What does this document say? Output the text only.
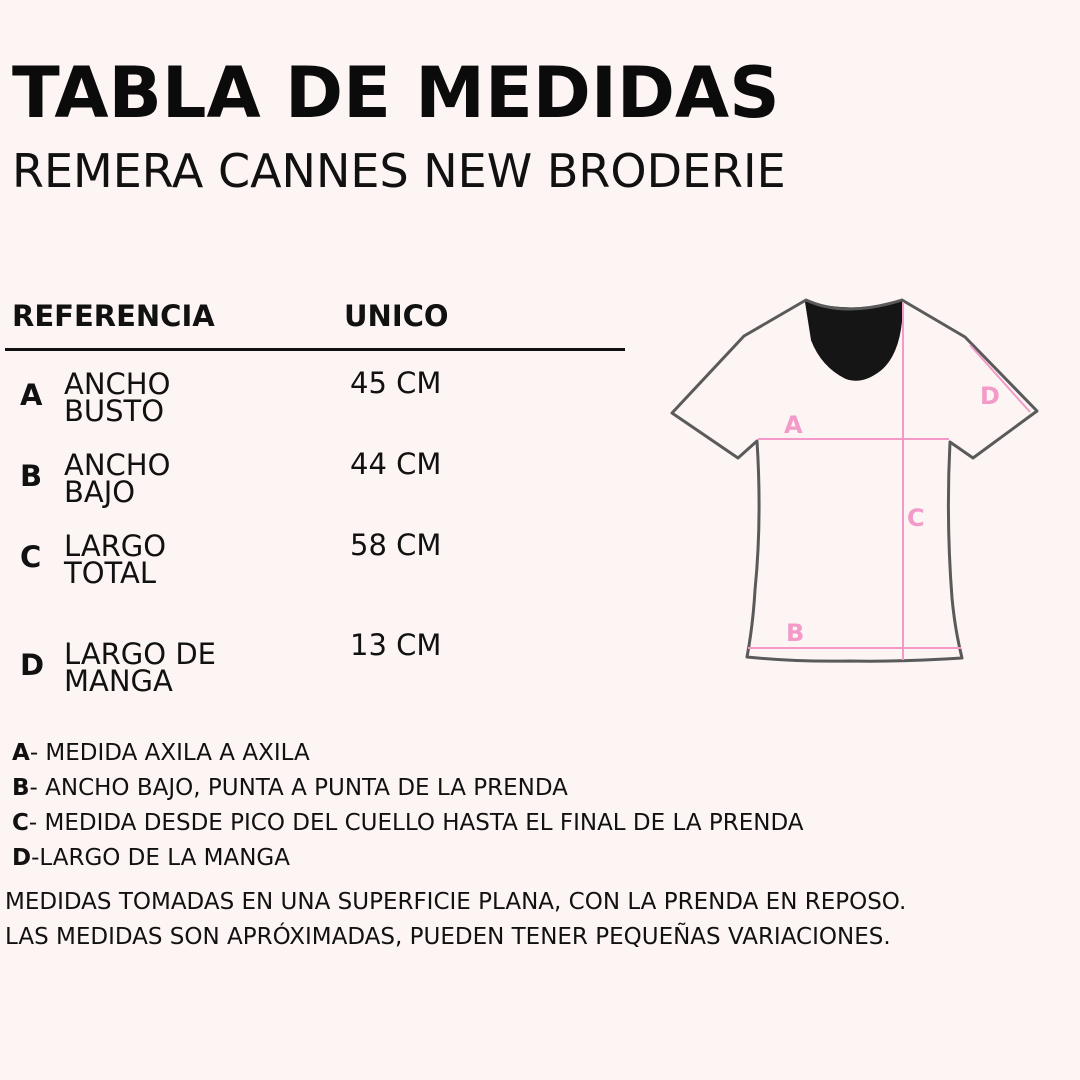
TABLA DE MEDIDAS
REMERA CANNES NEW BRODERIE
REFERENCIA	UNICO
A ANCHO
BUSTO
45 CM
B ANCHO
BAJO
44 CM
C LARGO
TOTAL
58 CM
D LARGO DE
MANGA
13 CM
A- MEDIDA AXILA A AXILA
B- ANCHO BAJO, PUNTA A PUNTA DE LA PRENDA
C- MEDIDA DESDE PICO DEL CUELLO HASTA EL FINAL DE LA PRENDA
D-LARGO DE LA MANGA
MEDIDAS TOMADAS EN UNA SUPERFICIE PLANA, CON LA PRENDA EN REPOSO.
LAS MEDIDAS SON APRÓXIMADAS, PUEDEN TENER PEQUEÑAS VARIACIONES.
A
B
C
D
